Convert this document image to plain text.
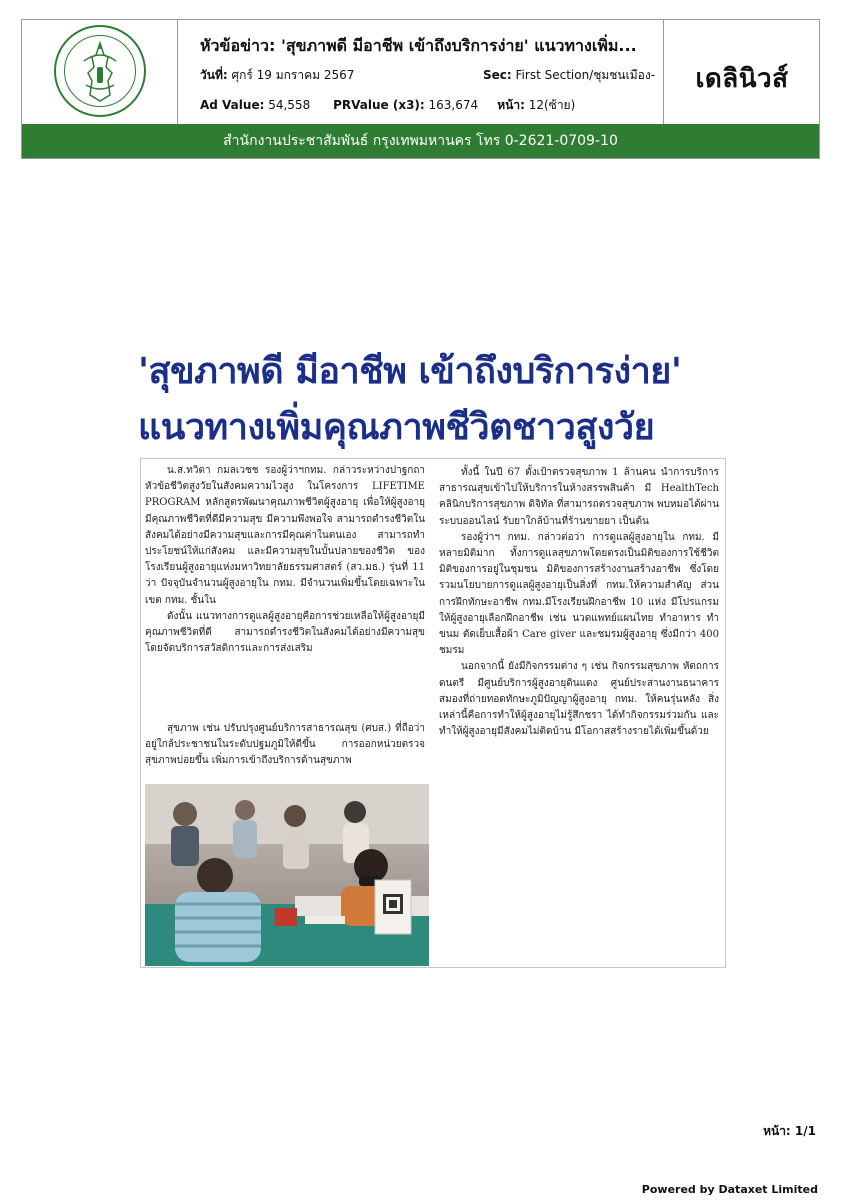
หัวข้อข่าว: 'สุขภาพดี มีอาชีพ เข้าถึงบริการง่าย' แนวทางเพิ่ม...
วันที่: ศุกร์ 19 มกราคม 2567	Sec: First Section/ชุมชนเมือง-
Ad Value: 54,558 PRValue (x3): 163,674 หน้า: 12(ซ้าย)
เดลินิวส์
สำนักงานประชาสัมพันธ์ กรุงเทพมหานคร โทร 0-2621-0709-10
'สุขภาพดี มีอาชีพ เข้าถึงบริการง่าย'
แนวทางเพิ่มคุณภาพชีวิตชาวสูงวัย

น.ส.ทวิดา กมลเวชช รองผู้ว่าฯกทม. กล่าวระหว่างปาฐกถา หัวข้อชีวิตสูงวัยในสังคมความไวสูง ในโครงการ LIFETIME PROGRAM หลักสูตรพัฒนาคุณภาพชีวิตผู้สูงอายุ เพื่อให้ผู้สูงอายุมีคุณภาพชีวิตที่ดีมีความสุข มีความพึงพอใจ สามารถดำรงชีวิตในสังคมได้อย่างมีความสุขและการมีคุณค่าในตนเอง สามารถทำประโยชน์ให้แก่สังคม และมีความสุขในบั้นปลายของชีวิต ของโรงเรียนผู้สูงอายุแห่งมหาวิทยาลัยธรรมศาสตร์ (สว.มธ.) รุ่นที่ 11 ว่า ปัจจุบันจำนวนผู้สูงอายุใน กทม. มีจำนวนเพิ่มขึ้นโดยเฉพาะในเขต กทม. ชั้นใน

ดังนั้น แนวทางการดูแลผู้สูงอายุคือการช่วยเหลือให้ผู้สูงอายุมีคุณภาพชีวิตที่ดี สามารถดำรงชีวิตในสังคมได้อย่างมีความสุข โดยจัดบริการสวัสดิการและการส่งเสริม

สุขภาพ เช่น ปรับปรุงศูนย์บริการสาธารณสุข (ศบส.) ที่ถือว่าอยู่ใกล้ประชาชนในระดับปฐมภูมิให้ดีขึ้น การออกหน่วยตรวจสุขภาพบ่อยขึ้น เพิ่มการเข้าถึงบริการด้านสุขภาพ

ทั้งนี้ ในปี 67 ตั้งเป้าตรวจสุขภาพ 1 ล้านคน นำการบริการสาธารณสุขเข้าไปให้บริการในห้างสรรพสินค้า มี HealthTech คลินิกบริการสุขภาพ ดิจิทัล ที่สามารถตรวจสุขภาพ พบหมอได้ผ่านระบบออนไลน์ รับยาใกล้บ้านที่ร้านขายยา เป็นต้น

รองผู้ว่าฯ กทม. กล่าวต่อว่า การดูแลผู้สูงอายุใน กทม. มีหลายมิติมาก ทั้งการดูแลสุขภาพโดยตรงเป็นมิติของการใช้ชีวิต มิติของการอยู่ในชุมชน มิติของการสร้างงานสร้างอาชีพ ซึ่งโดยรวมนโยบายการดูแลผู้สูงอายุเป็นสิ่งที่ กทม.ให้ความสำคัญ ส่วนการฝึกทักษะอาชีพ กทม.มีโรงเรียนฝึกอาชีพ 10 แห่ง มีโปรแกรมให้ผู้สูงอายุเลือกฝึกอาชีพ เช่น นวดแพทย์แผนไทย ทำอาหาร ทำขนม ตัดเย็บเสื้อผ้า Care giver และชมรมผู้สูงอายุ ซึ่งมีกว่า 400 ชมรม

นอกจากนี้ ยังมีกิจกรรมต่าง ๆ เช่น กิจกรรมสุขภาพ หัตถการ ดนตรี มีศูนย์บริการผู้สูงอายุดินแดง ศูนย์ประสานงานธนาคารสมองที่ถ่ายทอดทักษะภูมิปัญญาผู้สูงอายุ กทม. ให้คนรุ่นหลัง สิ่งเหล่านี้คือการทำให้ผู้สูงอายุไม่รู้สึกชรา ได้ทำกิจกรรมร่วมกัน และทำให้ผู้สูงอายุมีสังคมไม่ติดบ้าน มีโอกาสสร้างรายได้เพิ่มขึ้นด้วย

หน้า: 1/1
Powered by Dataxet Limited
